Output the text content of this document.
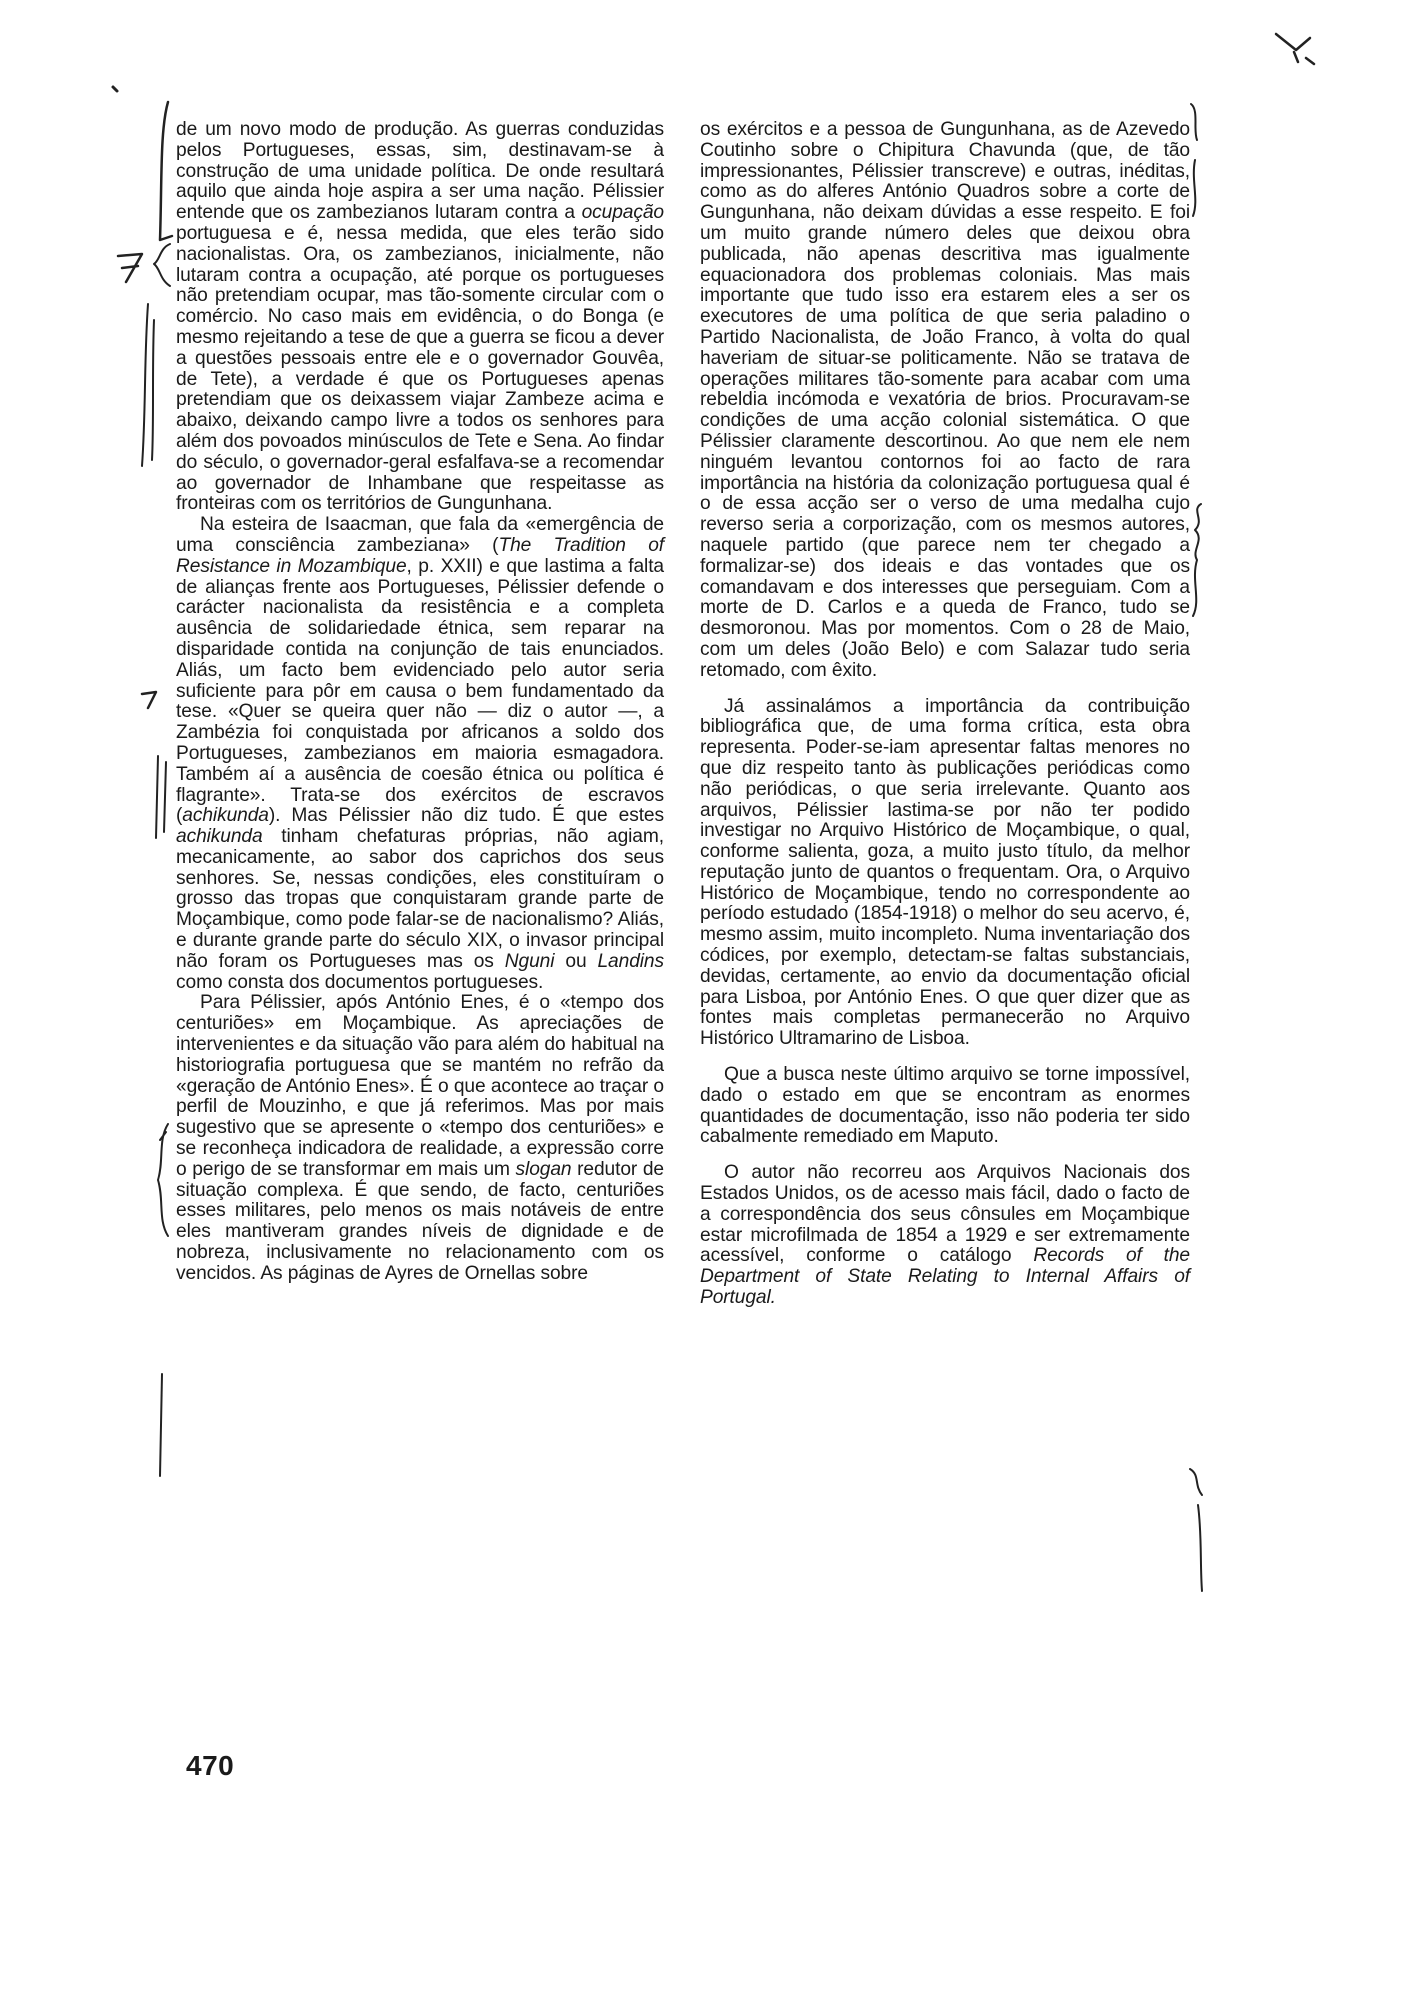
de um novo modo de produção. As guerras conduzidas pelos Portugueses, essas, sim, destinavam-se à construção de uma unidade política. De onde resultará aquilo que ainda hoje aspira a ser uma nação. Pélissier entende que os zambezianos lutaram contra a ocupação portuguesa e é, nessa medida, que eles terão sido nacionalistas. Ora, os zambezianos, inicialmente, não lutaram contra a ocupação, até porque os portugueses não pretendiam ocupar, mas tão-somente circular com o comércio. No caso mais em evidência, o do Bonga (e mesmo rejeitando a tese de que a guerra se ficou a dever a questões pessoais entre ele e o governador Gouvêa, de Tete), a verdade é que os Portugueses apenas pretendiam que os deixassem viajar Zambeze acima e abaixo, deixando campo livre a todos os senhores para além dos povoados minúsculos de Tete e Sena. Ao findar do século, o governador-geral esfalfava-se a recomendar ao governador de Inhambane que respeitasse as fronteiras com os territórios de Gungunhana.

Na esteira de Isaacman, que fala da «emergência de uma consciência zambeziana» (The Tradition of Resistance in Mozambique, p. XXII) e que lastima a falta de alianças frente aos Portugueses, Pélissier defende o carácter nacionalista da resistência e a completa ausência de solidariedade étnica, sem reparar na disparidade contida na conjunção de tais enunciados. Aliás, um facto bem evidenciado pelo autor seria suficiente para pôr em causa o bem fundamentado da tese. «Quer se queira quer não — diz o autor —, a Zambézia foi conquistada por africanos a soldo dos Portugueses, zambezianos em maioria esmagadora. Também aí a ausência de coesão étnica ou política é flagrante». Trata-se dos exércitos de escravos (achikunda). Mas Pélissier não diz tudo. É que estes achikunda tinham chefaturas próprias, não agiam, mecanicamente, ao sabor dos caprichos dos seus senhores. Se, nessas condições, eles constituíram o grosso das tropas que conquistaram grande parte de Moçambique, como pode falar-se de nacionalismo? Aliás, e durante grande parte do século XIX, o invasor principal não foram os Portugueses mas os Nguni ou Landins como consta dos documentos portugueses.

Para Pélissier, após António Enes, é o «tempo dos centuriões» em Moçambique. As apreciações de intervenientes e da situação vão para além do habitual na historiografia portuguesa que se mantém no refrão da «geração de António Enes». É o que acontece ao traçar o perfil de Mouzinho, e que já referimos. Mas por mais sugestivo que se apresente o «tempo dos centuriões» e se reconheça indicadora de realidade, a expressão corre o perigo de se transformar em mais um slogan redutor de situação complexa. É que sendo, de facto, centuriões esses militares, pelo menos os mais notáveis de entre eles mantiveram grandes níveis de dignidade e de nobreza, inclusivamente no relacionamento com os vencidos. As páginas de Ayres de Ornellas sobre

os exércitos e a pessoa de Gungunhana, as de Azevedo Coutinho sobre o Chipitura Chavunda (que, de tão impressionantes, Pélissier transcreve) e outras, inéditas, como as do alferes António Quadros sobre a corte de Gungunhana, não deixam dúvidas a esse respeito. E foi um muito grande número deles que deixou obra publicada, não apenas descritiva mas igualmente equacionadora dos problemas coloniais. Mas mais importante que tudo isso era estarem eles a ser os executores de uma política de que seria paladino o Partido Nacionalista, de João Franco, à volta do qual haveriam de situar-se politicamente. Não se tratava de operações militares tão-somente para acabar com uma rebeldia incómoda e vexatória de brios. Procuravam-se condições de uma acção colonial sistemática. O que Pélissier claramente descortinou. Ao que nem ele nem ninguém levantou contornos foi ao facto de rara importância na história da colonização portuguesa qual é o de essa acção ser o verso de uma medalha cujo reverso seria a corporização, com os mesmos autores, naquele partido (que parece nem ter chegado a formalizar-se) dos ideais e das vontades que os comandavam e dos interesses que perseguiam. Com a morte de D. Carlos e a queda de Franco, tudo se desmoronou. Mas por momentos. Com o 28 de Maio, com um deles (João Belo) e com Salazar tudo seria retomado, com êxito.

Já assinalámos a importância da contribuição bibliográfica que, de uma forma crítica, esta obra representa. Poder-se-iam apresentar faltas menores no que diz respeito tanto às publicações periódicas como não periódicas, o que seria irrelevante. Quanto aos arquivos, Pélissier lastima-se por não ter podido investigar no Arquivo Histórico de Moçambique, o qual, conforme salienta, goza, a muito justo título, da melhor reputação junto de quantos o frequentam. Ora, o Arquivo Histórico de Moçambique, tendo no correspondente ao período estudado (1854-1918) o melhor do seu acervo, é, mesmo assim, muito incompleto. Numa inventariação dos códices, por exemplo, detectam-se faltas substanciais, devidas, certamente, ao envio da documentação oficial para Lisboa, por António Enes. O que quer dizer que as fontes mais completas permanecerão no Arquivo Histórico Ultramarino de Lisboa.

Que a busca neste último arquivo se torne impossível, dado o estado em que se encontram as enormes quantidades de documentação, isso não poderia ter sido cabalmente remediado em Maputo.

O autor não recorreu aos Arquivos Nacionais dos Estados Unidos, os de acesso mais fácil, dado o facto de a correspondência dos seus cônsules em Moçambique estar microfilmada de 1854 a 1929 e ser extremamente acessível, conforme o catálogo Records of the Department of State Relating to Internal Affairs of Portugal.

470
